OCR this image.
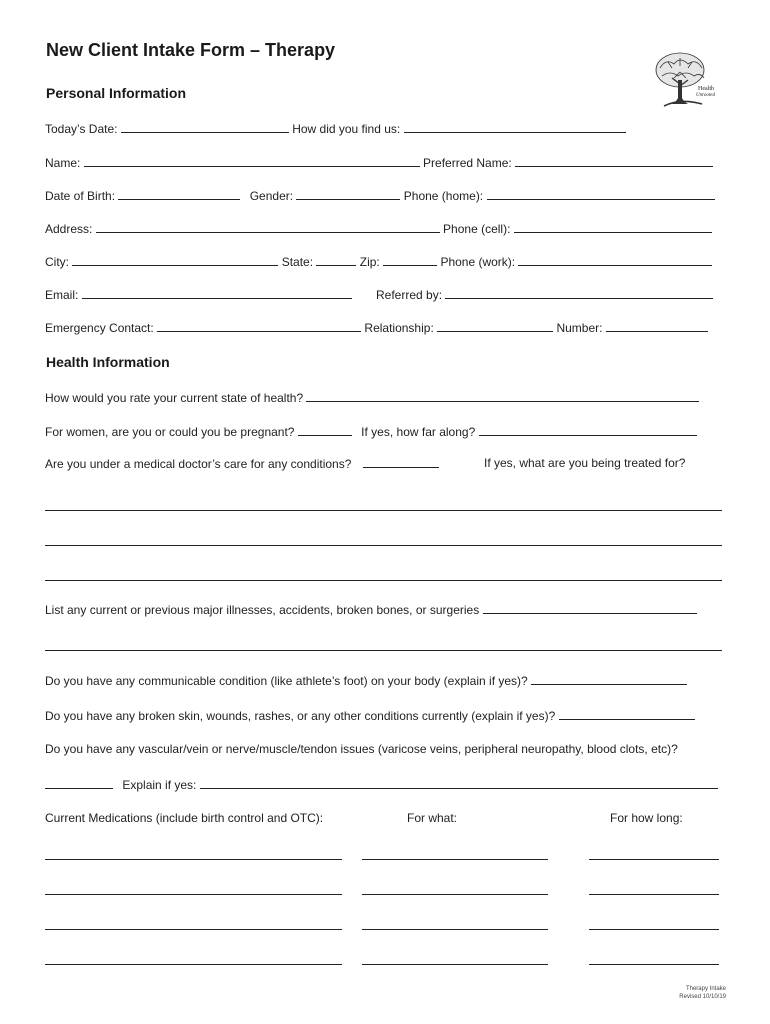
New Client Intake Form – Therapy
Health
Unrooted
Personal Information
Today’s Date:	How did you find us:
Name:	Preferred Name:
Date of Birth:	Gender:	Phone (home):
Address:	Phone (cell):
City:	State:	Zip:	Phone (work):
Email:	Referred by:
Emergency Contact:	Relationship:	Number:
Health Information
How would you rate your current state of health?
For women, are you or could you be pregnant?	If yes, how far along?
Are you under a medical doctor’s care for any conditions?	If yes, what are you being treated for?
List any current or previous major illnesses, accidents, broken bones, or surgeries
Do you have any communicable condition (like athlete’s foot) on your body (explain if yes)?
Do you have any broken skin, wounds, rashes, or any other conditions currently (explain if yes)?
Do you have any vascular/vein or nerve/muscle/tendon issues (varicose veins, peripheral neuropathy, blood clots, etc)?
Explain if yes:
Current Medications (include birth control and OTC):	For what:	For how long:
Therapy Intake
Revised 10/10/19
